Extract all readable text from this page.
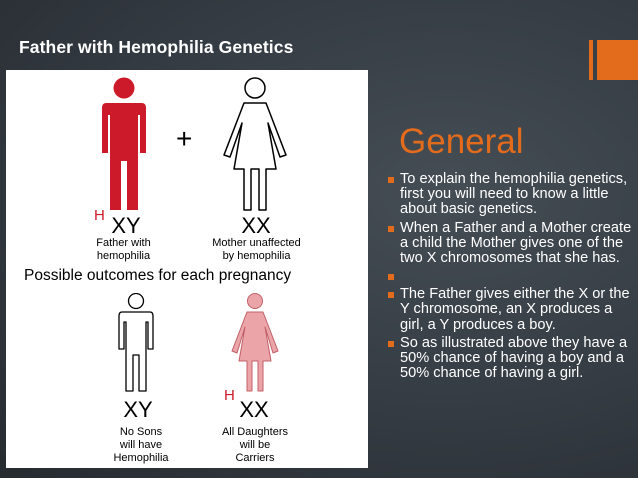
Father with Hemophilia Genetics
+
H XY	XX
Father with
hemophilia
Mother unaffected
by hemophilia
Possible outcomes for each pregnancy
XY
H
XX
No Sons
will have
Hemophilia
All Daughters
will be
Carriers
General
To explain the hemophilia genetics, first you will need to know a little about basic genetics.
When a Father and a Mother create a child the Mother gives one of the two X chromosomes that she has.
The Father gives either the X or the Y chromosome, an X produces a girl, a Y produces a boy.
So as illustrated above they have a 50% chance of having a boy and a 50% chance of having a girl.
